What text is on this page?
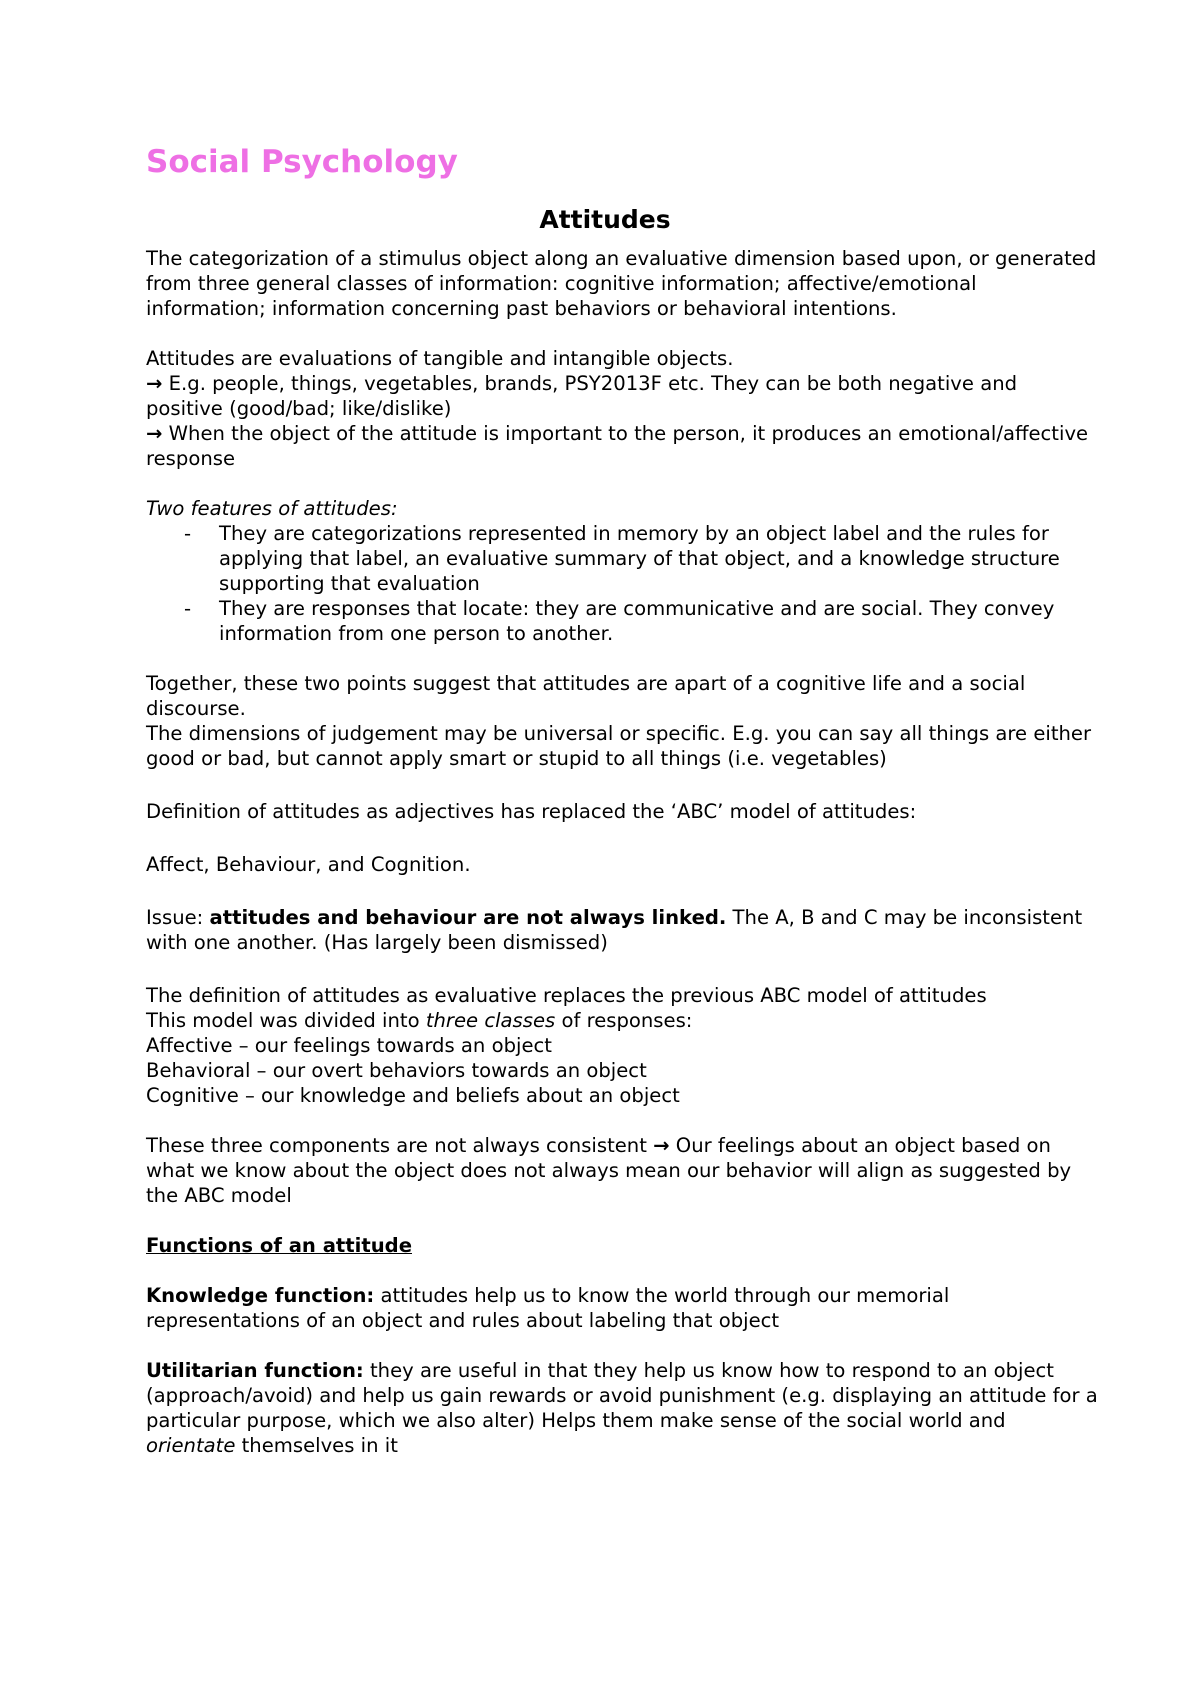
Social Psychology
Attitudes

The categorization of a stimulus object along an evaluative dimension based upon, or generated from three general classes of information: cognitive information; affective/emotional information; information concerning past behaviors or behavioral intentions.

Attitudes are evaluations of tangible and intangible objects.

→ E.g. people, things, vegetables, brands, PSY2013F etc. They can be both negative and positive (good/bad; like/dislike)

→ When the object of the attitude is important to the person, it produces an emotional/affective response

Two features of attitudes:

- They are categorizations represented in memory by an object label and the rules for applying that label, an evaluative summary of that object, and a knowledge structure supporting that evaluation
- They are responses that locate: they are communicative and are social. They convey information from one person to another.

Together, these two points suggest that attitudes are apart of a cognitive life and a social discourse.

The dimensions of judgement may be universal or specific. E.g. you can say all things are either good or bad, but cannot apply smart or stupid to all things (i.e. vegetables)

Definition of attitudes as adjectives has replaced the ‘ABC’ model of attitudes:

Affect, Behaviour, and Cognition.

Issue: attitudes and behaviour are not always linked. The A, B and C may be inconsistent with one another. (Has largely been dismissed)

The definition of attitudes as evaluative replaces the previous ABC model of attitudes

This model was divided into three classes of responses:

Affective – our feelings towards an object

Behavioral – our overt behaviors towards an object

Cognitive – our knowledge and beliefs about an object

These three components are not always consistent → Our feelings about an object based on what we know about the object does not always mean our behavior will align as suggested by the ABC model

Functions of an attitude

Knowledge function: attitudes help us to know the world through our memorial representations of an object and rules about labeling that object

Utilitarian function: they are useful in that they help us know how to respond to an object (approach/avoid) and help us gain rewards or avoid punishment (e.g. displaying an attitude for a particular purpose, which we also alter) Helps them make sense of the social world and orientate themselves in it
